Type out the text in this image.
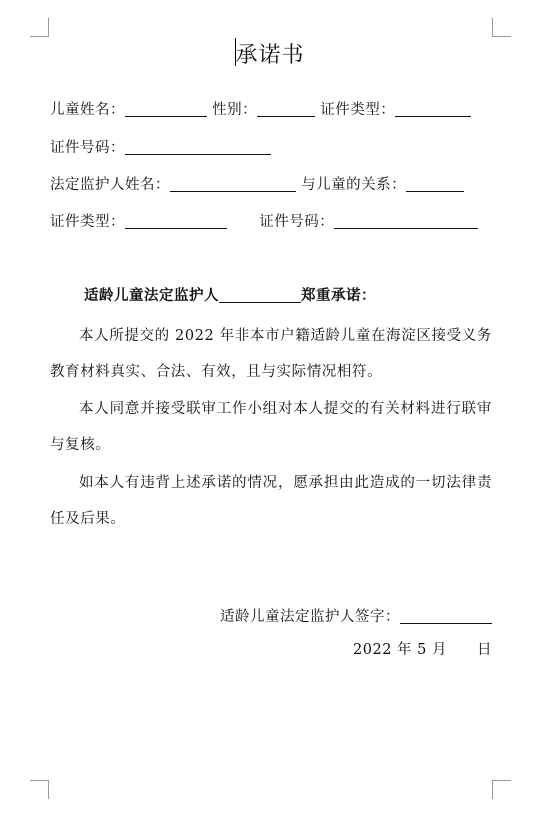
承诺书
儿童姓名：	性别：	证件类型：
证件号码：
法定监护人姓名：	与儿童的关系：
证件类型：	证件号码：
适龄儿童法定监护人	郑重承诺：
本人所提交的 2022 年非本市户籍适龄儿童在海淀区接受义务教育材料真实、合法、有效，且与实际情况相符。
本人同意并接受联审工作小组对本人提交的有关材料进行联审与复核。
如本人有违背上述承诺的情况，愿承担由此造成的一切法律责任及后果。
适龄儿童法定监护人签字：
2022 年 5 月　　日
